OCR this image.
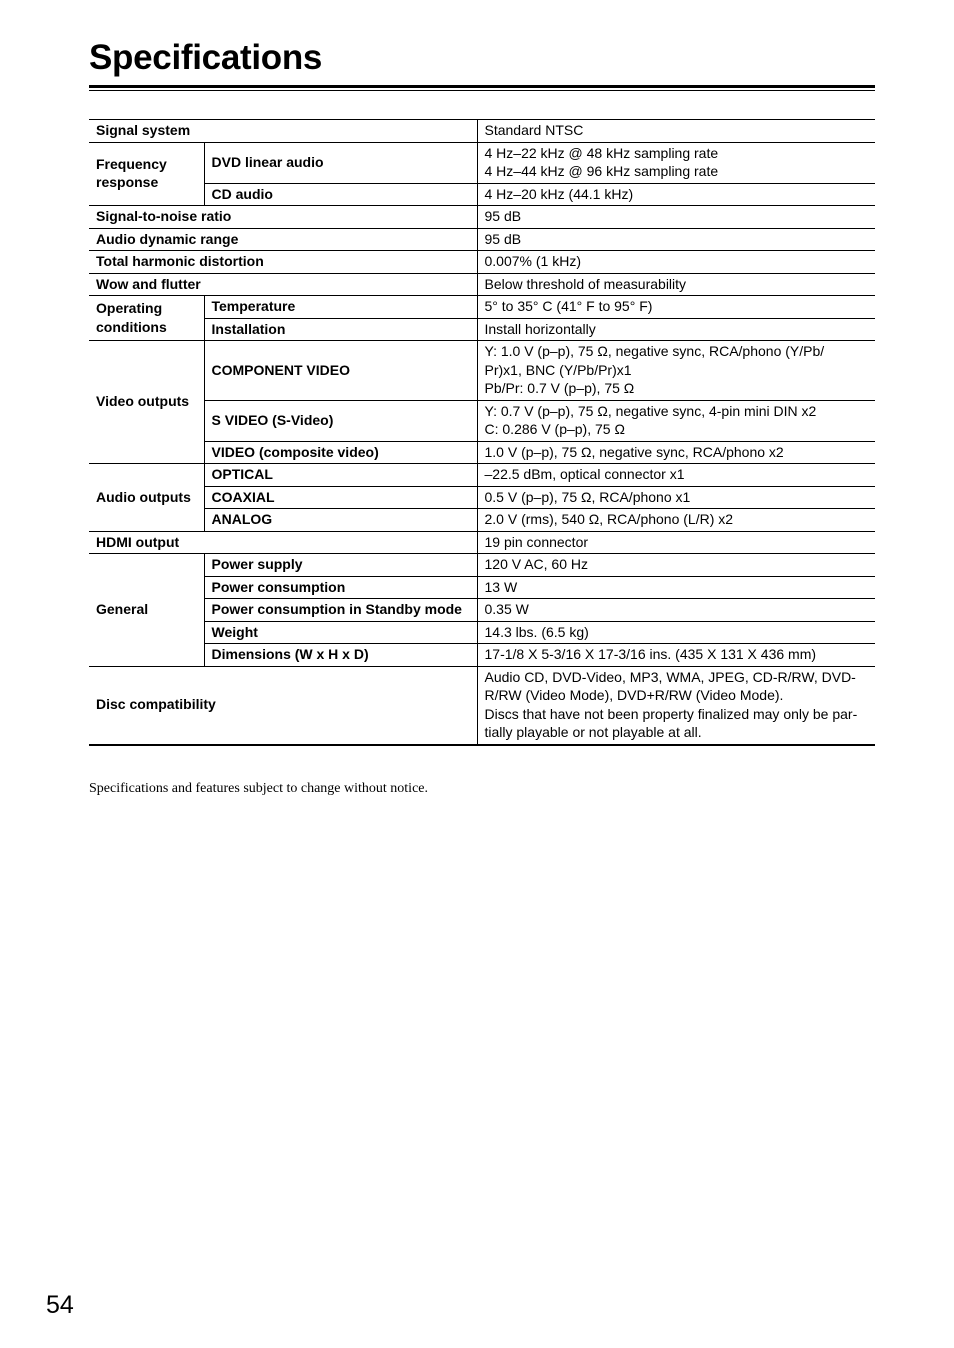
Specifications
Signal system		Standard NTSC
Frequency response	DVD linear audio	4 Hz–22 kHz @ 48 kHz sampling rate
4 Hz–44 kHz @ 96 kHz sampling rate

	CD audio	4 Hz–20 kHz (44.1 kHz)
Signal-to-noise ratio		95 dB
Audio dynamic range		95 dB
Total harmonic distortion		0.007% (1 kHz)
Wow and flutter		Below threshold of measurability
Operating conditions	Temperature	5° to 35° C (41° F to 95° F)
	Installation	Install horizontally
Video outputs	COMPONENT VIDEO	Y: 1.0 V (p–p), 75 Ω, negative sync, RCA/phono (Y/Pb/
Pr)x1, BNC (Y/Pb/Pr)x1
Pb/Pr: 0.7 V (p–p), 75 Ω

	S VIDEO (S-Video)	Y: 0.7 V (p–p), 75 Ω, negative sync, 4-pin mini DIN x2
C: 0.286 V (p–p), 75 Ω

	VIDEO (composite video)	1.0 V (p–p), 75 Ω, negative sync, RCA/phono x2
Audio outputs	OPTICAL	–22.5 dBm, optical connector x1
	COAXIAL	0.5 V (p–p), 75 Ω, RCA/phono x1
	ANALOG	2.0 V (rms), 540 Ω, RCA/phono (L/R) x2
HDMI output		19 pin connector
General	Power supply	120 V AC, 60 Hz
	Power consumption	13 W
	Power consumption in Standby mode	0.35 W
	Weight	14.3 lbs. (6.5 kg)
	Dimensions (W x H x D)	17-1/8 X 5-3/16 X 17-3/16 ins. (435 X 131 X 436 mm)
Disc compatibility		Audio CD, DVD-Video, MP3, WMA, JPEG, CD-R/RW, DVD-
R/RW (Video Mode), DVD+R/RW (Video Mode).
Discs that have not been property finalized may only be par-
tially playable or not playable at all.
Specifications and features subject to change without notice.
54
